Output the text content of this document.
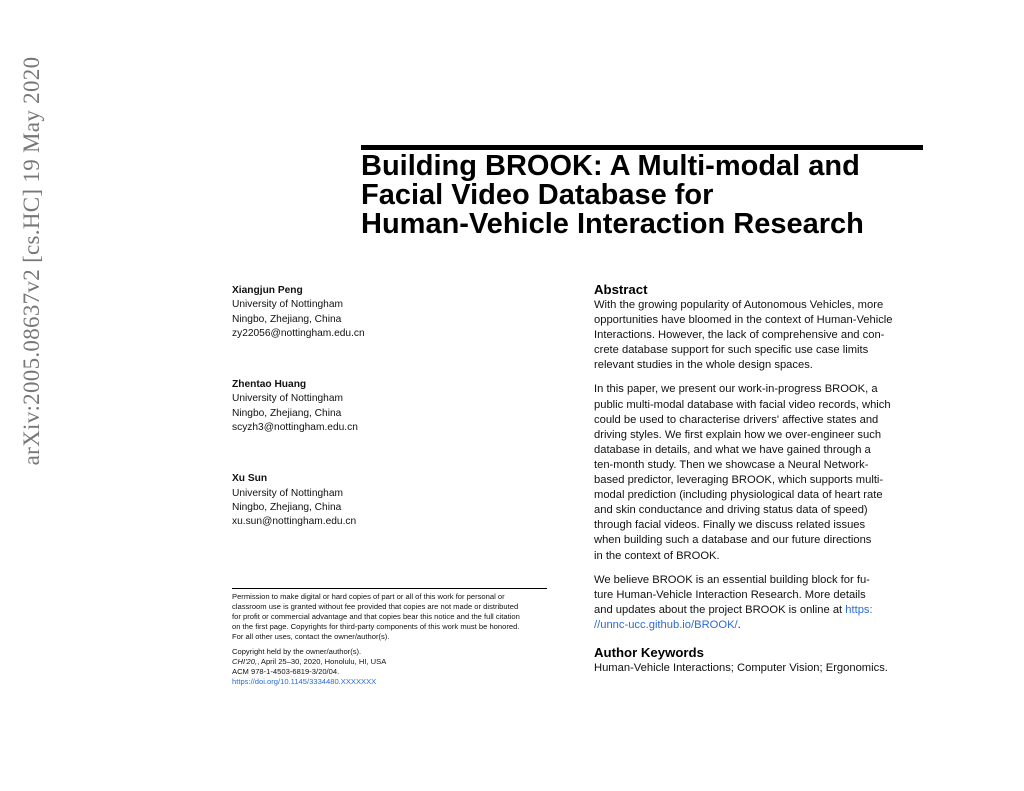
arXiv:2005.08637v2 [cs.HC] 19 May 2020	Building BROOK: A Multi-modal and
Facial Video Database for
Human-Vehicle Interaction Research
Xiangjun Peng
University of Nottingham
Ningbo, Zhejiang, China
zy22056@nottingham.edu.cn
Zhentao Huang
University of Nottingham
Ningbo, Zhejiang, China
scyzh3@nottingham.edu.cn
Xu Sun
University of Nottingham
Ningbo, Zhejiang, China
xu.sun@nottingham.edu.cn

Permission to make digital or hard copies of part or all of this work for personal or
classroom use is granted without fee provided that copies are not made or distributed
for profit or commercial advantage and that copies bear this notice and the full citation
on the first page. Copyrights for third-party components of this work must be honored.
For all other uses, contact the owner/author(s).

Copyright held by the owner/author(s).
CHI'20,, April 25–30, 2020, Honolulu, HI, USA
ACM 978-1-4503-6819-3/20/04.
https://doi.org/10.1145/3334480.XXXXXXX

Abstract

With the growing popularity of Autonomous Vehicles, more
opportunities have bloomed in the context of Human-Vehicle
Interactions. However, the lack of comprehensive and con-
crete database support for such specific use case limits
relevant studies in the whole design spaces.

In this paper, we present our work-in-progress BROOK, a
public multi-modal database with facial video records, which
could be used to characterise drivers' affective states and
driving styles. We first explain how we over-engineer such
database in details, and what we have gained through a
ten-month study. Then we showcase a Neural Network-
based predictor, leveraging BROOK, which supports multi-
modal prediction (including physiological data of heart rate
and skin conductance and driving status data of speed)
through facial videos. Finally we discuss related issues
when building such a database and our future directions
in the context of BROOK.

We believe BROOK is an essential building block for fu-
ture Human-Vehicle Interaction Research. More details
and updates about the project BROOK is online at https:
//unnc-ucc.github.io/BROOK/.

Author Keywords

Human-Vehicle Interactions; Computer Vision; Ergonomics.
